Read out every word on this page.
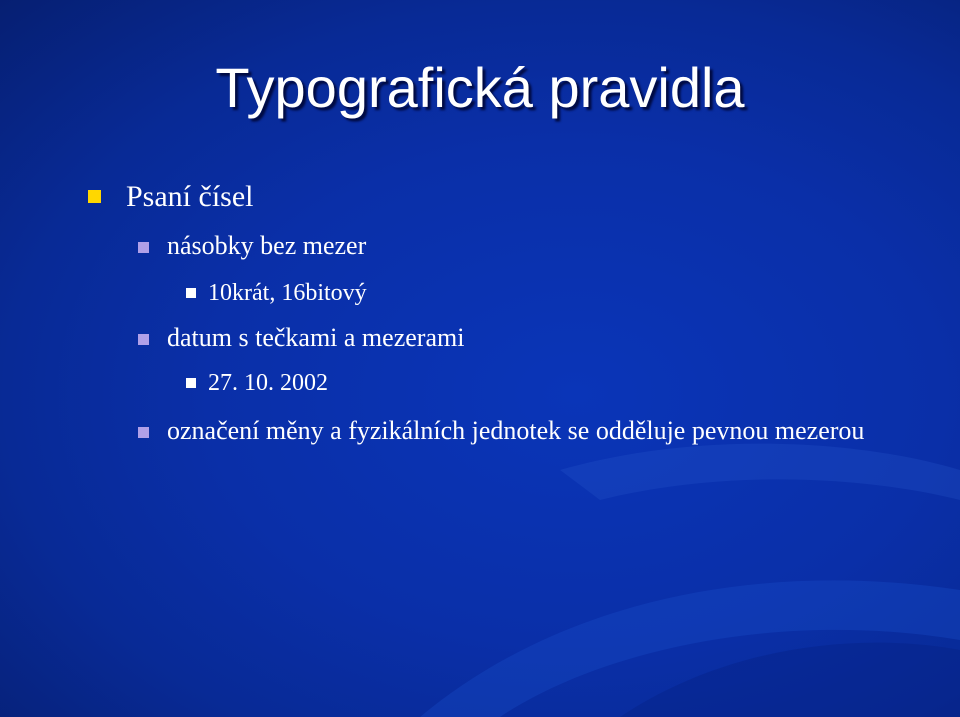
Typografická pravidla
Psaní čísel
násobky bez mezer
10krát, 16bitový
datum s tečkami a mezerami
27. 10. 2002
označení měny a fyzikálních jednotek se odděluje pevnou mezerou
